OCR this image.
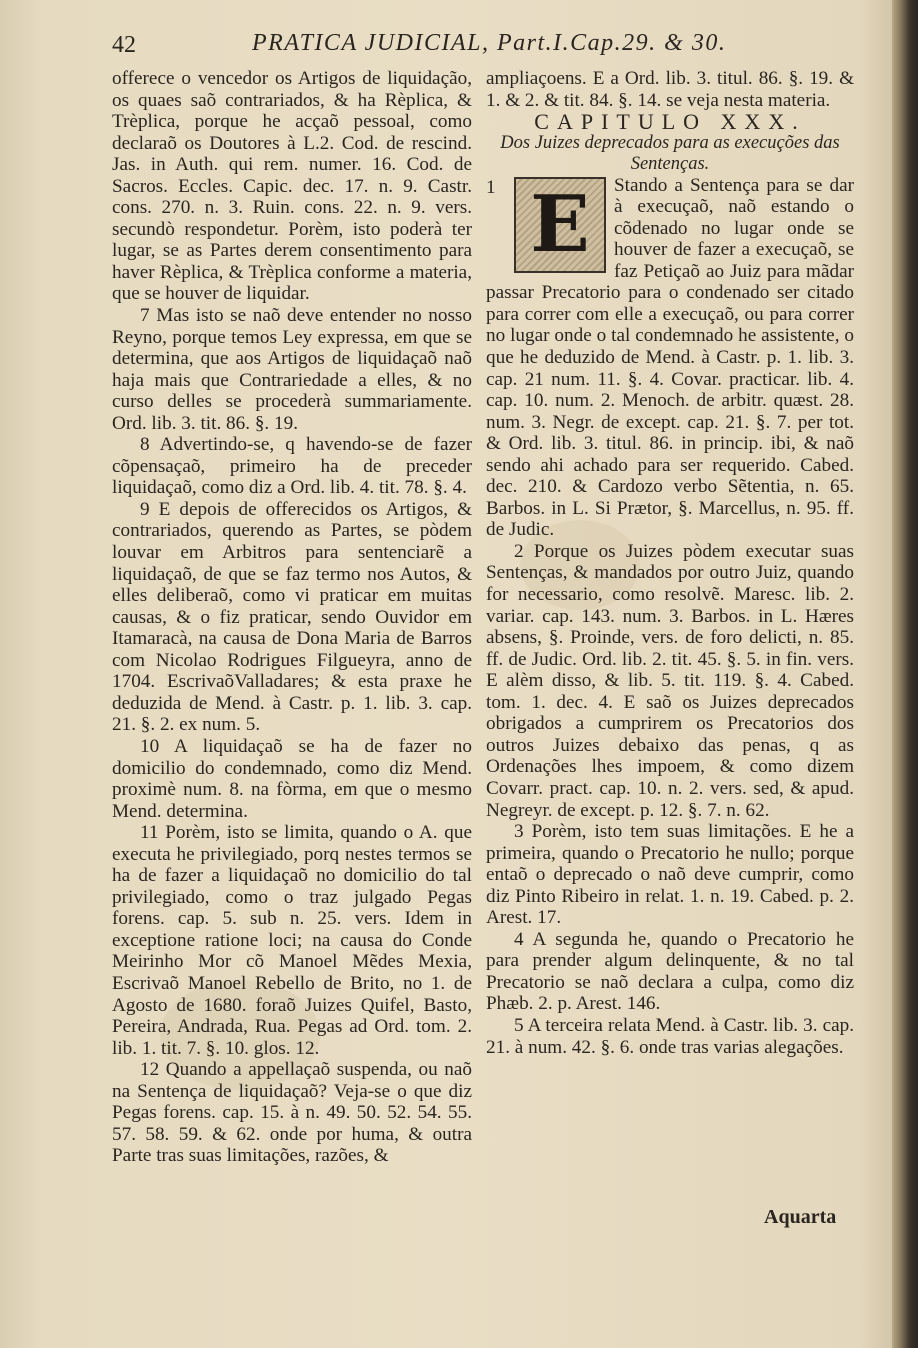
42	PRATICA JUDICIAL, Part.I.Cap.29. & 30.

offerece o vencedor os Artigos de liquidação, os quaes saõ contrariados, & ha Rèplica, & Trèplica, porque he acçaõ pessoal, como declaraõ os Doutores à L.2. Cod. de rescind. Jas. in Auth. qui rem. numer. 16. Cod. de Sacros. Eccles. Capic. dec. 17. n. 9. Castr. cons. 270. n. 3. Ruin. cons. 22. n. 9. vers. secundò respondetur. Porèm, isto poderà ter lugar, se as Partes derem consentimento para haver Rèplica, & Trèplica conforme a materia, que se houver de liquidar.

7 Mas isto se naõ deve entender no nosso Reyno, porque temos Ley expressa, em que se determina, que aos Artigos de liquidaçaõ naõ haja mais que Contrariedade a elles, & no curso delles se procederà summariamente. Ord. lib. 3. tit. 86. §. 19.

8 Advertindo-se, q havendo-se de fazer cõpensaçaõ, primeiro ha de preceder liquidaçaõ, como diz a Ord. lib. 4. tit. 78. §. 4.

9 E depois de offerecidos os Artigos, & contrariados, querendo as Partes, se pòdem louvar em Arbitros para sentenciarẽ a liquidaçaõ, de que se faz termo nos Autos, & elles deliberaõ, como vi praticar em muitas causas, & o fiz praticar, sendo Ouvidor em Itamaracà, na causa de Dona Maria de Barros com Nicolao Rodrigues Filgueyra, anno de 1704. EscrivaõValladares; & esta praxe he deduzida de Mend. à Castr. p. 1. lib. 3. cap. 21. §. 2. ex num. 5.

10 A liquidaçaõ se ha de fazer no domicilio do condemnado, como diz Mend. proximè num. 8. na fòrma, em que o mesmo Mend. determina.

11 Porèm, isto se limita, quando o A. que executa he privilegiado, porq nestes termos se ha de fazer a liquidaçaõ no domicilio do tal privilegiado, como o traz julgado Pegas forens. cap. 5. sub n. 25. vers. Idem in exceptione ratione loci; na causa do Conde Meirinho Mor cõ Manoel Mẽdes Mexia, Escrivaõ Manoel Rebello de Brito, no 1. de Agosto de 1680. foraõ Juizes Quifel, Basto, Pereira, Andrada, Rua. Pegas ad Ord. tom. 2. lib. 1. tit. 7. §. 10. glos. 12.

12 Quando a appellaçaõ suspenda, ou naõ na Sentença de liquidaçaõ? Veja-se o que diz Pegas forens. cap. 15. à n. 49. 50. 52. 54. 55. 57. 58. 59. & 62. onde por huma, & outra Parte tras suas limitações, razões, &

ampliaçoens. E a Ord. lib. 3. titul. 86. §. 19. & 1. & 2. & tit. 84. §. 14. se veja nesta materia.

CAPITULO XXX.

Dos Juizes deprecados para as execuções das Sentenças.

1 E	Stando a Sentença para se dar à execuçaõ, naõ estando o cõdenado no lugar onde se houver de fazer a execuçaõ, se faz Petiçaõ ao Juiz para mãdar passar Precatorio para o condenado ser citado para correr com elle a execuçaõ, ou para correr no lugar onde o tal condemnado he assistente, o que he deduzido de Mend. à Castr. p. 1. lib. 3. cap. 21 num. 11. §. 4. Covar. practicar. lib. 4. cap. 10. num. 2. Menoch. de arbitr. quæst. 28. num. 3. Negr. de except. cap. 21. §. 7. per tot. & Ord. lib. 3. titul. 86. in princip. ibi, & naõ sendo ahi achado para ser requerido. Cabed. dec. 210. & Cardozo verbo Sẽtentia, n. 65. Barbos. in L. Si Prætor, §. Marcellus, n. 95. ff. de Judic.

2 Porque os Juizes pòdem executar suas Sentenças, & mandados por outro Juiz, quando for necessario, como resolvẽ. Maresc. lib. 2. variar. cap. 143. num. 3. Barbos. in L. Hæres absens, §. Proinde, vers. de foro delicti, n. 85. ff. de Judic. Ord. lib. 2. tit. 45. §. 5. in fin. vers. E alèm disso, & lib. 5. tit. 119. §. 4. Cabed. tom. 1. dec. 4. E saõ os Juizes deprecados obrigados a cumprirem os Precatorios dos outros Juizes debaixo das penas, q as Ordenações lhes impoem, & como dizem Covarr. pract. cap. 10. n. 2. vers. sed, & apud. Negreyr. de except. p. 12. §. 7. n. 62.

3 Porèm, isto tem suas limitações. E he a primeira, quando o Precatorio he nullo; porque entaõ o deprecado o naõ deve cumprir, como diz Pinto Ribeiro in relat. 1. n. 19. Cabed. p. 2. Arest. 17.

4 A segunda he, quando o Precatorio he para prender algum delinquente, & no tal Precatorio se naõ declara a culpa, como diz Phæb. 2. p. Arest. 146.

5 A terceira relata Mend. à Castr. lib. 3. cap. 21. à num. 42. §. 6. onde tras varias alegações.

Aquarta
